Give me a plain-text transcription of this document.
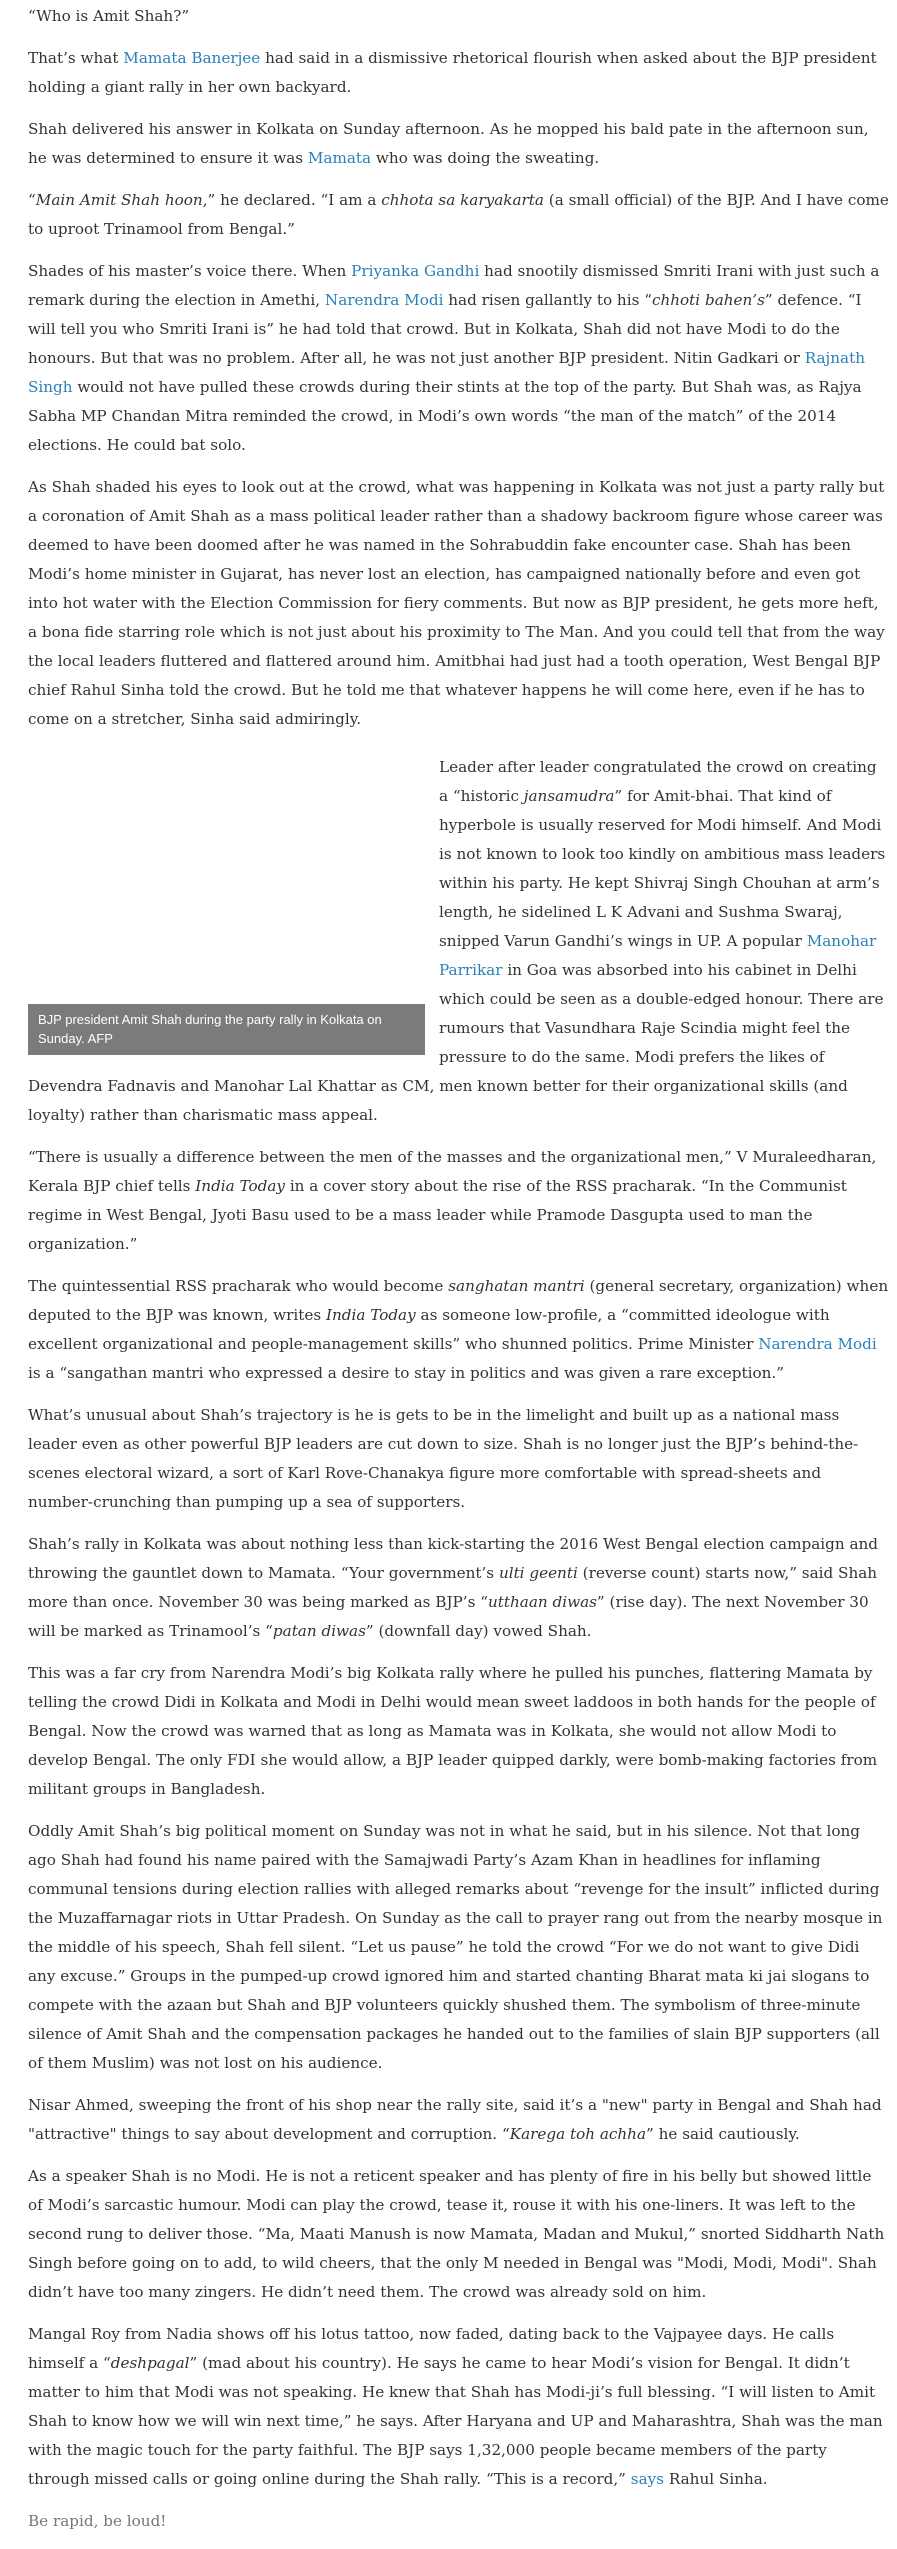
“Who is Amit Shah?”

That’s what Mamata Banerjee had said in a dismissive rhetorical flourish when asked about the BJP president holding a giant rally in her own backyard.

Shah delivered his answer in Kolkata on Sunday afternoon. As he mopped his bald pate in the afternoon sun, he was determined to ensure it was Mamata who was doing the sweating.

“Main Amit Shah hoon,” he declared. “I am a chhota sa karyakarta (a small official) of the BJP. And I have come to uproot Trinamool from Bengal.”

Shades of his master’s voice there. When Priyanka Gandhi had snootily dismissed Smriti Irani with just such a remark during the election in Amethi, Narendra Modi had risen gallantly to his “chhoti bahen’s” defence. “I will tell you who Smriti Irani is” he had told that crowd. But in Kolkata, Shah did not have Modi to do the honours. But that was no problem. After all, he was not just another BJP president. Nitin Gadkari or Rajnath Singh would not have pulled these crowds during their stints at the top of the party. But Shah was, as Rajya Sabha MP Chandan Mitra reminded the crowd, in Modi’s own words “the man of the match” of the 2014 elections. He could bat solo.

As Shah shaded his eyes to look out at the crowd, what was happening in Kolkata was not just a party rally but a coronation of Amit Shah as a mass political leader rather than a shadowy backroom figure whose career was deemed to have been doomed after he was named in the Sohrabuddin fake encounter case. Shah has been Modi’s home minister in Gujarat, has never lost an election, has campaigned nationally before and even got into hot water with the Election Commission for fiery comments. But now as BJP president, he gets more heft, a bona fide starring role which is not just about his proximity to The Man. And you could tell that from the way the local leaders fluttered and flattered around him. Amitbhai had just had a tooth operation, West Bengal BJP chief Rahul Sinha told the crowd. But he told me that whatever happens he will come here, even if he has to come on a stretcher, Sinha said admiringly.

BJP president Amit Shah during the party rally in Kolkata on Sunday. AFP

Leader after leader congratulated the crowd on creating a “historic jansamudra” for Amit-bhai. That kind of hyperbole is usually reserved for Modi himself. And Modi is not known to look too kindly on ambitious mass leaders within his party. He kept Shivraj Singh Chouhan at arm’s length, he sidelined L K Advani and Sushma Swaraj, snipped Varun Gandhi’s wings in UP. A popular Manohar Parrikar in Goa was absorbed into his cabinet in Delhi which could be seen as a double-edged honour. There are rumours that Vasundhara Raje Scindia might feel the pressure to do the same. Modi prefers the likes of Devendra Fadnavis and Manohar Lal Khattar as CM, men known better for their organizational skills (and loyalty) rather than charismatic mass appeal.

“There is usually a difference between the men of the masses and the organizational men,” V Muraleedharan, Kerala BJP chief tells India Today in a cover story about the rise of the RSS pracharak. “In the Communist regime in West Bengal, Jyoti Basu used to be a mass leader while Pramode Dasgupta used to man the organization.”

The quintessential RSS pracharak who would become sanghatan mantri (general secretary, organization) when deputed to the BJP was known, writes India Today as someone low-profile, a “committed ideologue with excellent organizational and people-management skills” who shunned politics. Prime Minister Narendra Modi is a “sangathan mantri who expressed a desire to stay in politics and was given a rare exception.”

What’s unusual about Shah’s trajectory is he is gets to be in the limelight and built up as a national mass leader even as other powerful BJP leaders are cut down to size. Shah is no longer just the BJP’s behind-the-scenes electoral wizard, a sort of Karl Rove-Chanakya figure more comfortable with spread-sheets and number-crunching than pumping up a sea of supporters.

Shah’s rally in Kolkata was about nothing less than kick-starting the 2016 West Bengal election campaign and throwing the gauntlet down to Mamata. “Your government’s ulti geenti (reverse count) starts now,” said Shah more than once. November 30 was being marked as BJP’s “utthaan diwas” (rise day). The next November 30 will be marked as Trinamool’s “patan diwas” (downfall day) vowed Shah.

This was a far cry from Narendra Modi’s big Kolkata rally where he pulled his punches, flattering Mamata by telling the crowd Didi in Kolkata and Modi in Delhi would mean sweet laddoos in both hands for the people of Bengal. Now the crowd was warned that as long as Mamata was in Kolkata, she would not allow Modi to develop Bengal. The only FDI she would allow, a BJP leader quipped darkly, were bomb-making factories from militant groups in Bangladesh.

Oddly Amit Shah’s big political moment on Sunday was not in what he said, but in his silence. Not that long ago Shah had found his name paired with the Samajwadi Party’s Azam Khan in headlines for inflaming communal tensions during election rallies with alleged remarks about “revenge for the insult” inflicted during the Muzaffarnagar riots in Uttar Pradesh. On Sunday as the call to prayer rang out from the nearby mosque in the middle of his speech, Shah fell silent. “Let us pause” he told the crowd “For we do not want to give Didi any excuse.” Groups in the pumped-up crowd ignored him and started chanting Bharat mata ki jai slogans to compete with the azaan but Shah and BJP volunteers quickly shushed them. The symbolism of three-minute silence of Amit Shah and the compensation packages he handed out to the families of slain BJP supporters (all of them Muslim) was not lost on his audience.

Nisar Ahmed, sweeping the front of his shop near the rally site, said it’s a "new" party in Bengal and Shah had "attractive" things to say about development and corruption. “Karega toh achha” he said cautiously.

As a speaker Shah is no Modi. He is not a reticent speaker and has plenty of fire in his belly but showed little of Modi’s sarcastic humour. Modi can play the crowd, tease it, rouse it with his one-liners. It was left to the second rung to deliver those. “Ma, Maati Manush is now Mamata, Madan and Mukul,” snorted Siddharth Nath Singh before going on to add, to wild cheers, that the only M needed in Bengal was "Modi, Modi, Modi". Shah didn’t have too many zingers. He didn’t need them. The crowd was already sold on him.

Mangal Roy from Nadia shows off his lotus tattoo, now faded, dating back to the Vajpayee days. He calls himself a “deshpagal” (mad about his country). He says he came to hear Modi’s vision for Bengal. It didn’t matter to him that Modi was not speaking. He knew that Shah has Modi-ji’s full blessing. “I will listen to Amit Shah to know how we will win next time,” he says. After Haryana and UP and Maharashtra, Shah was the man with the magic touch for the party faithful. The BJP says 1,32,000 people became members of the party through missed calls or going online during the Shah rally. “This is a record,” says Rahul Sinha.

Be rapid, be loud!
